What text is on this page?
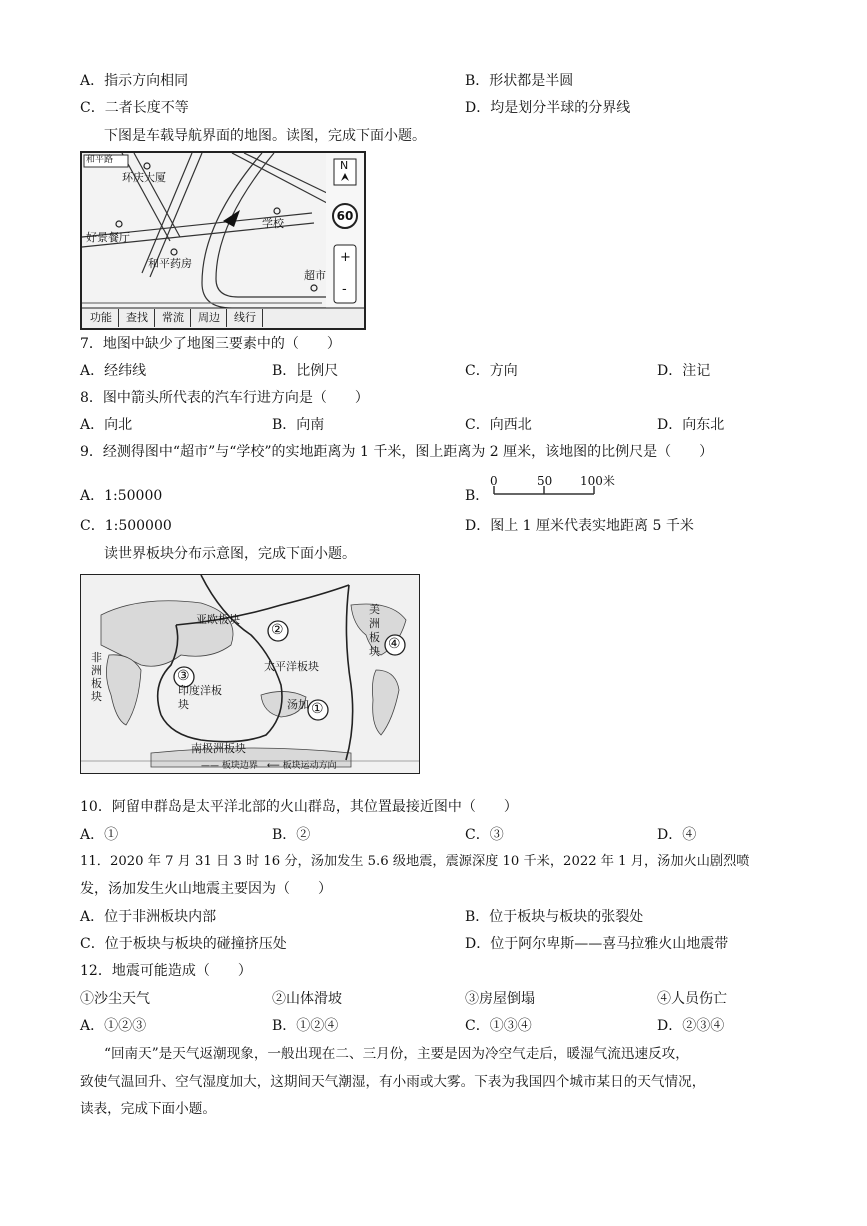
A．指示方向相同	B．形状都是半圆
C．二者长度不等	D．均是划分半球的分界线
下图是车载导航界面的地图。读图，完成下面小题。
和平路
环庆大厦
学校
好景餐厅
和平药房
超市
N
60
+
-
功能	查找	常流	周边	线行
7．地图中缺少了地图三要素中的（　　）
A．经纬线	B．比例尺	C．方向	D．注记
8．图中箭头所代表的汽车行进方向是（　　）
A．向北	B．向南	C．向西北	D．向东北
9．经测得图中“超市”与“学校”的实地距离为 1 千米，图上距离为 2 厘米，该地图的比例尺是（　　）
A．1:50000	B．
0	50 100米
C．1:500000	D．图上 1 厘米代表实地距离 5 千米
读世界板块分布示意图，完成下面小题。
亚欧板块
非洲板块	印度洋板块
太平洋板块
美洲板块
南极洲板块
汤加
②
③
①
④
—— 板块边界　⟵ 板块运动方向
10．阿留申群岛是太平洋北部的火山群岛，其位置最接近图中（　　）
A．①	B．②	C．③	D．④
11．2020 年 7 月 31 日 3 时 16 分，汤加发生 5.6 级地震，震源深度 10 千米，2022 年 1 月，汤加火山剧烈喷
发，汤加发生火山地震主要因为（　　）
A．位于非洲板块内部	B．位于板块与板块的张裂处
C．位于板块与板块的碰撞挤压处	D．位于阿尔卑斯——喜马拉雅火山地震带
12．地震可能造成（　　）
①沙尘天气	②山体滑坡	③房屋倒塌	④人员伤亡
A．①②③	B．①②④	C．①③④	D．②③④
“回南天”是天气返潮现象，一般出现在二、三月份，主要是因为冷空气走后，暖湿气流迅速反攻，
致使气温回升、空气湿度加大，这期间天气潮湿，有小雨或大雾。下表为我国四个城市某日的天气情况，
读表，完成下面小题。
